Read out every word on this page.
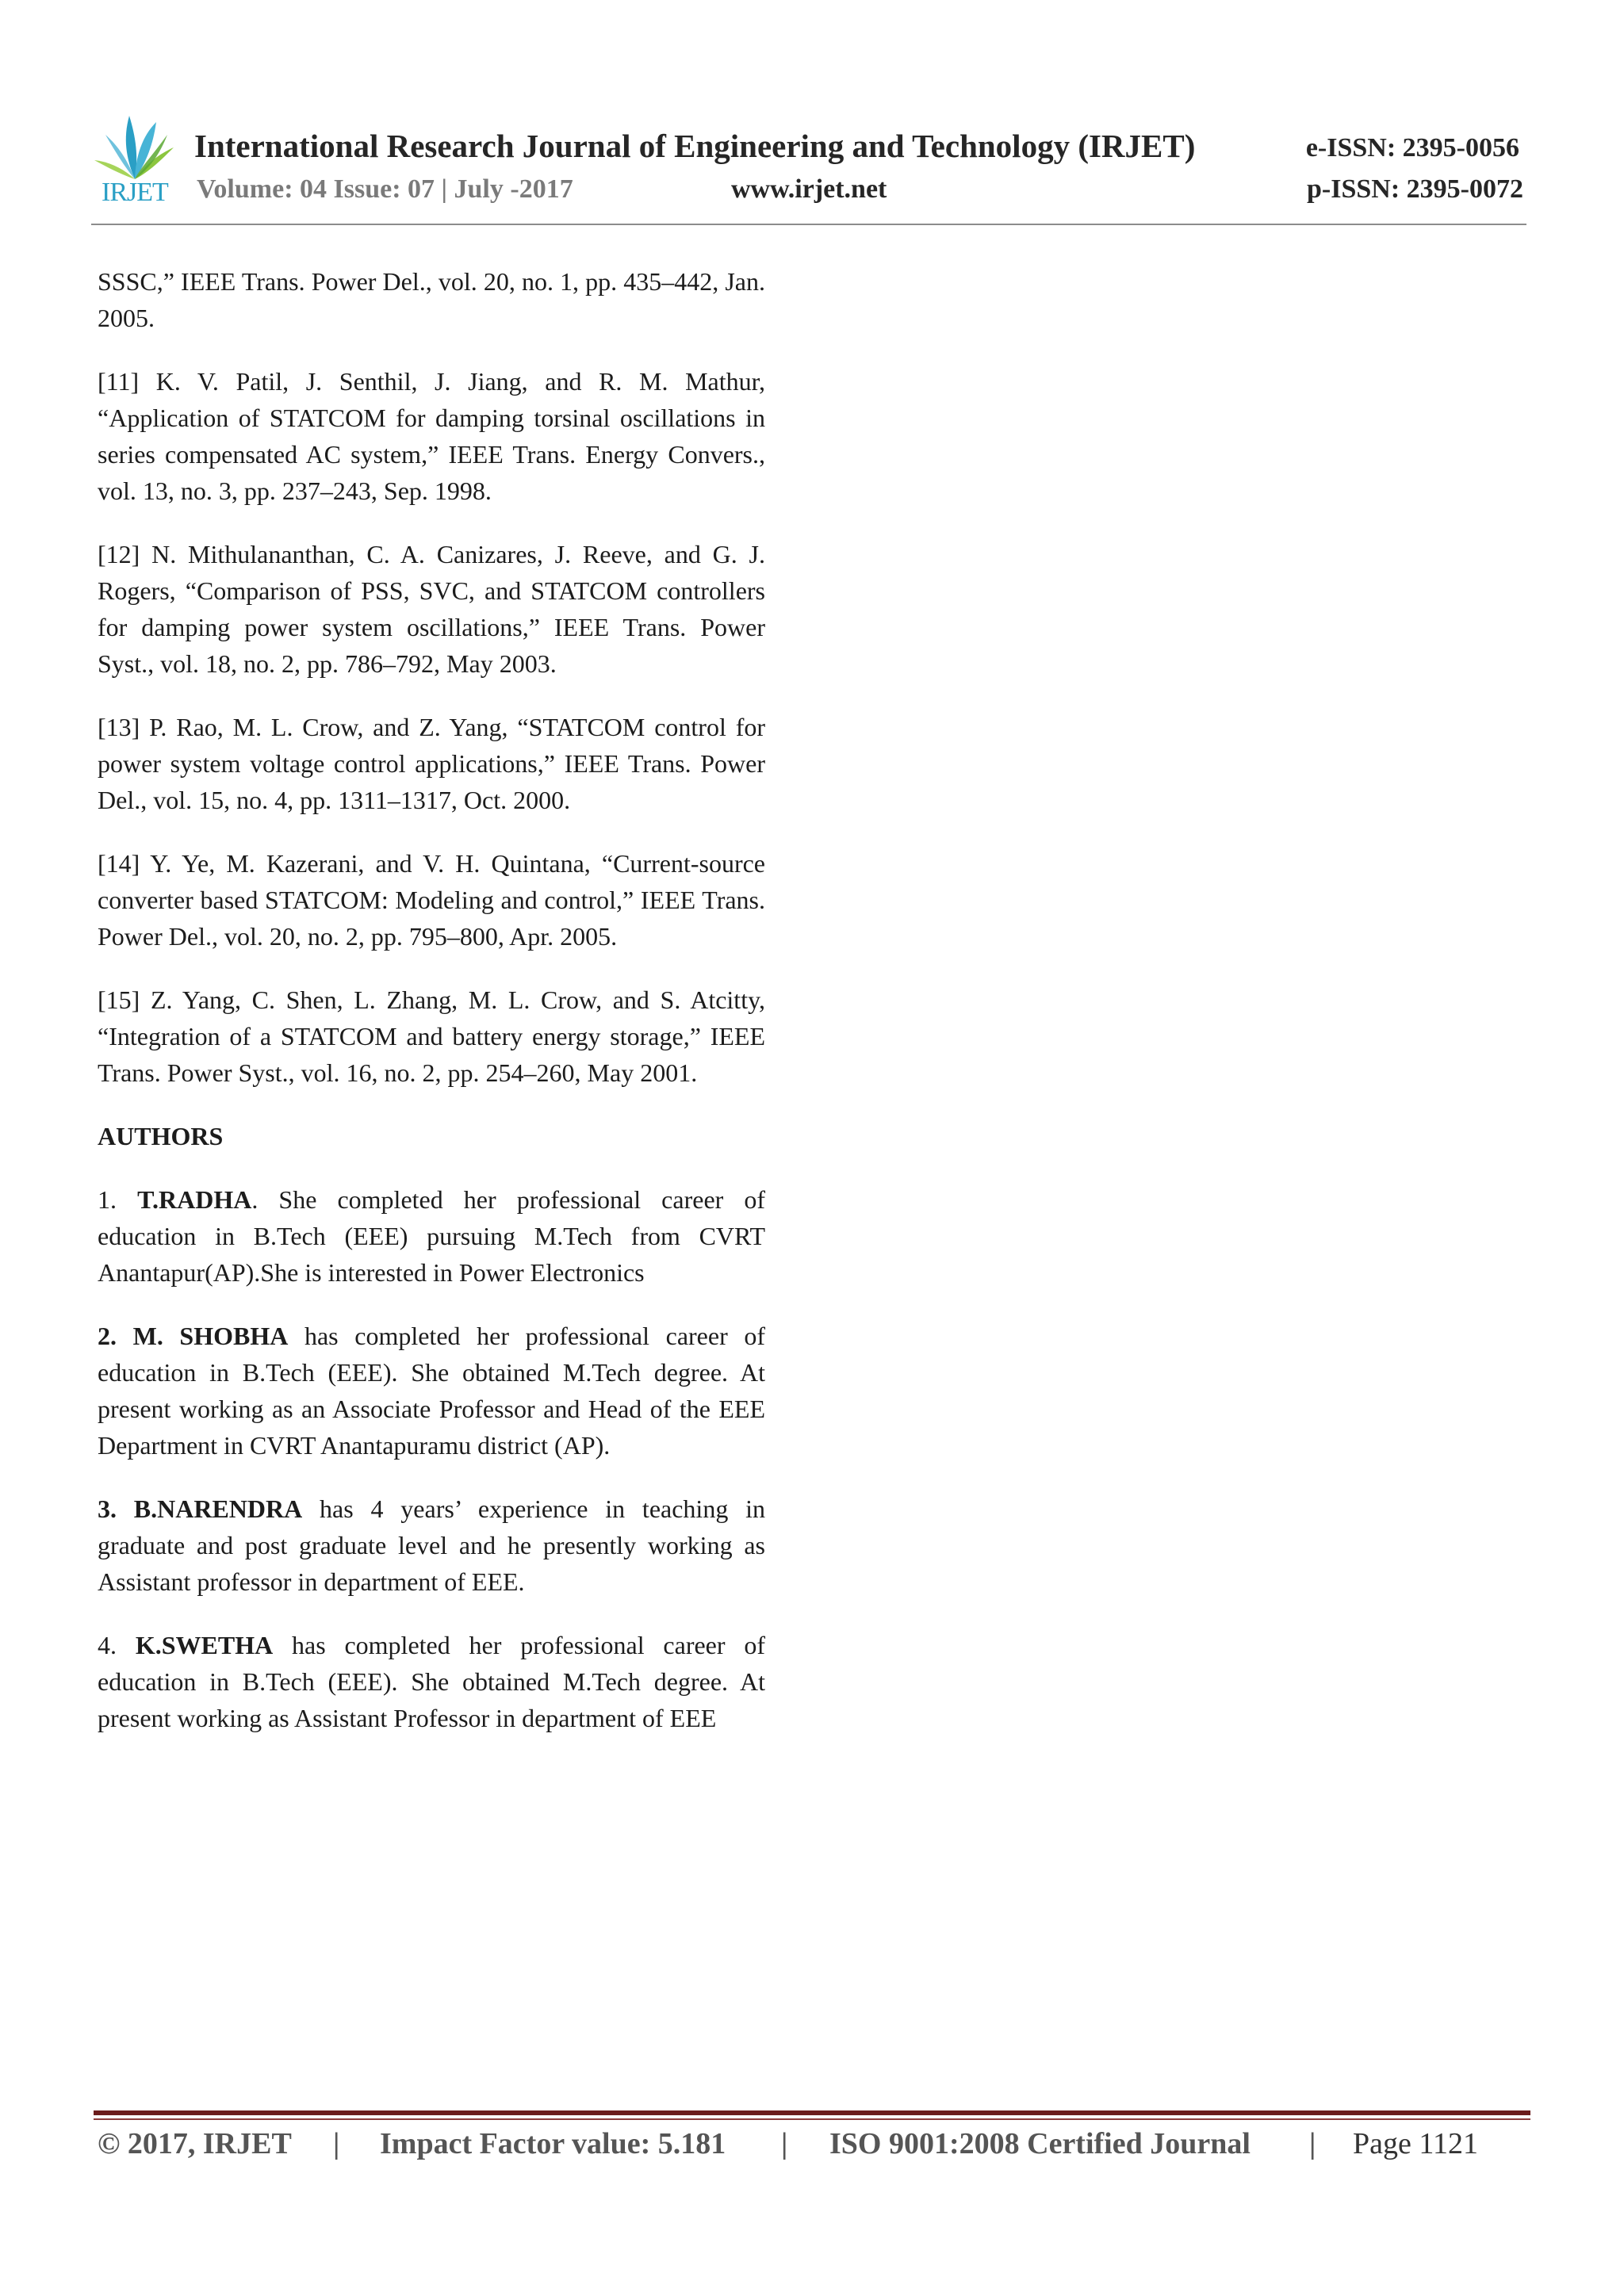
IRJET
International Research Journal of Engineering and Technology (IRJET)	e-ISSN: 2395-0056
Volume: 04 Issue: 07 | July -2017	www.irjet.net	p-ISSN: 2395-0072

SSSC,” IEEE Trans. Power Del., vol. 20, no. 1, pp. 435–442, Jan. 2005.

[11] K. V. Patil, J. Senthil, J. Jiang, and R. M. Mathur, “Application of STATCOM for damping torsinal oscillations in series compensated AC system,” IEEE Trans. Energy Convers., vol. 13, no. 3, pp. 237–243, Sep. 1998.

[12] N. Mithulananthan, C. A. Canizares, J. Reeve, and G. J. Rogers, “Comparison of PSS, SVC, and STATCOM controllers for damping power system oscillations,” IEEE Trans. Power Syst., vol. 18, no. 2, pp. 786–792, May 2003.

[13] P. Rao, M. L. Crow, and Z. Yang, “STATCOM control for power system voltage control applications,” IEEE Trans. Power Del., vol. 15, no. 4, pp. 1311–1317, Oct. 2000.

[14] Y. Ye, M. Kazerani, and V. H. Quintana, “Current-source converter based STATCOM: Modeling and control,” IEEE Trans. Power Del., vol. 20, no. 2, pp. 795–800, Apr. 2005.

[15] Z. Yang, C. Shen, L. Zhang, M. L. Crow, and S. Atcitty, “Integration of a STATCOM and battery energy storage,” IEEE Trans. Power Syst., vol. 16, no. 2, pp. 254–260, May 2001.

AUTHORS

1. T.RADHA. She completed her professional career of education in B.Tech (EEE) pursuing M.Tech from CVRT Anantapur(AP).She is interested in Power Electronics

2. M. SHOBHA has completed her professional career of education in B.Tech (EEE). She obtained M.Tech degree. At present working as an Associate Professor and Head of the EEE Department in CVRT Anantapuramu district (AP).

3. B.NARENDRA has 4 years’ experience in teaching in graduate and post graduate level and he presently working as Assistant professor in department of EEE.

4. K.SWETHA has completed her professional career of education in B.Tech (EEE). She obtained M.Tech degree. At present working as Assistant Professor in department of EEE

© 2017, IRJET | Impact Factor value: 5.181 | ISO 9001:2008 Certified Journal | Page 1121
